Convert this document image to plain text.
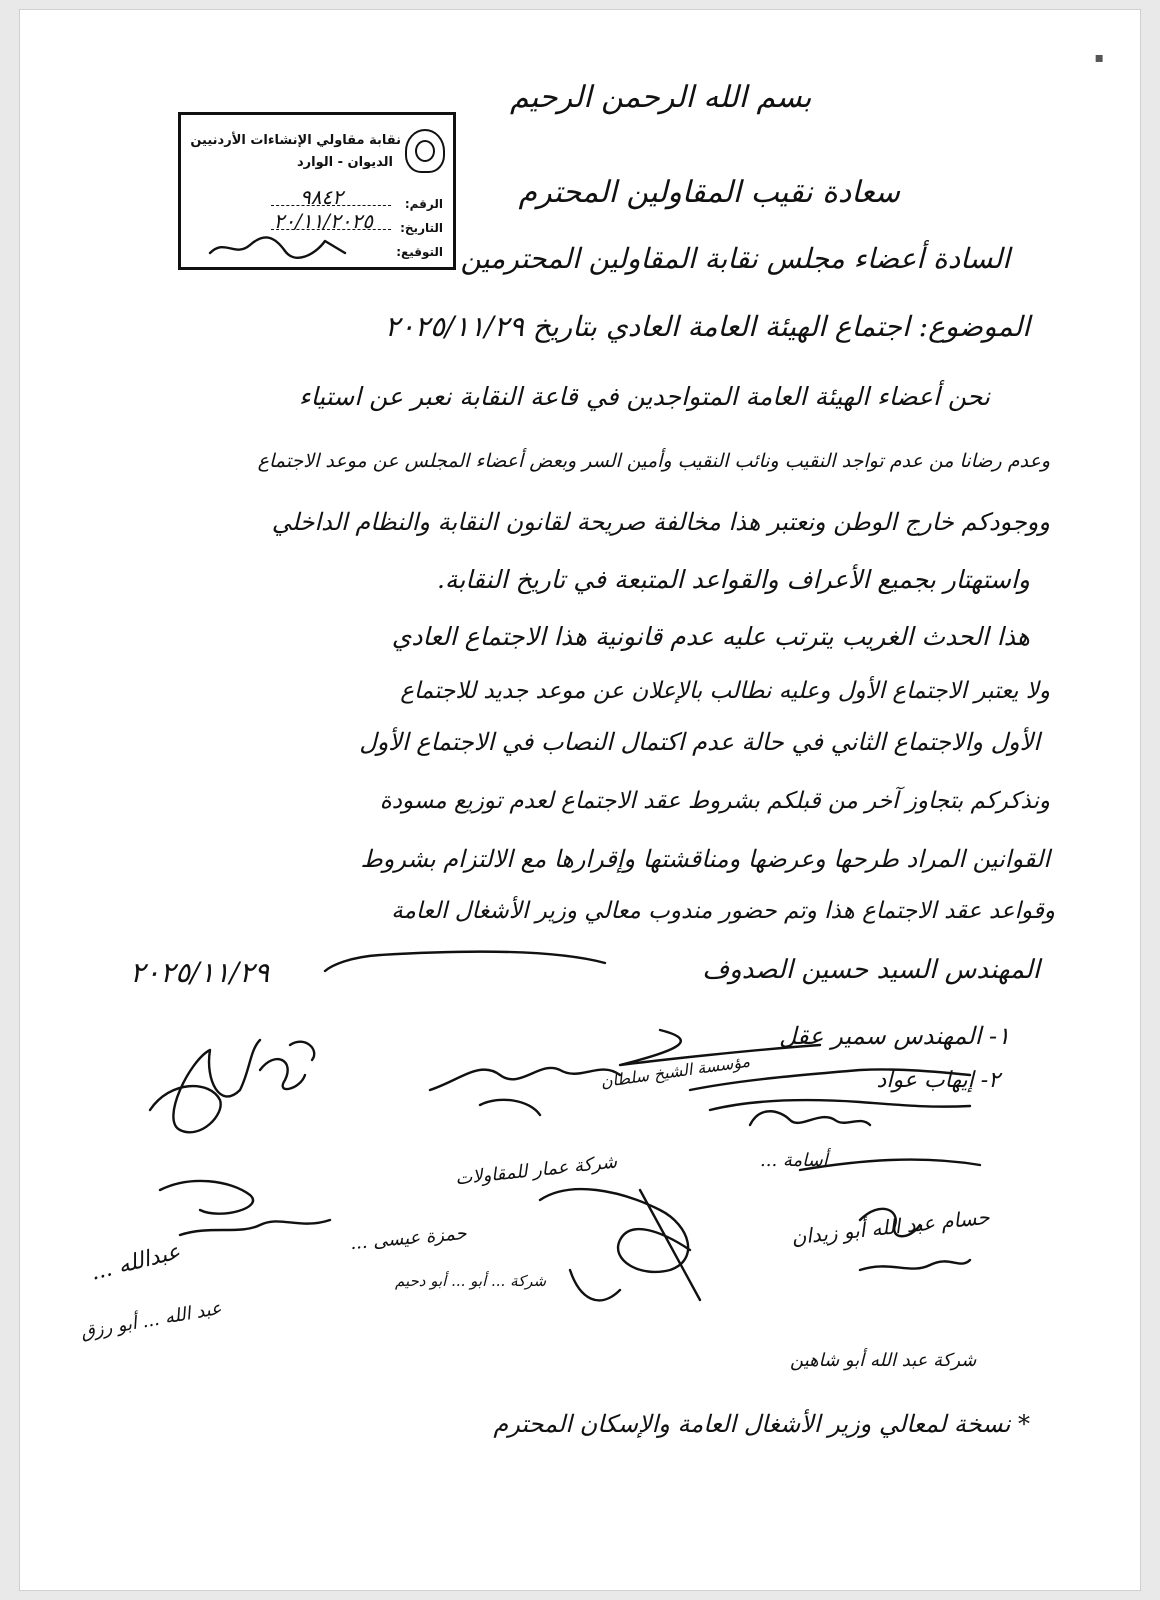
▪
بسم الله الرحمن الرحيم
نقابة مقاولي الإنشاءات الأردنيين
الديوان - الوارد
الرقم:
٩٨٤٢
التاريخ:
٢٠/١١/٢٠٢٥
التوقيع:
سعادة نقيب المقاولين المحترم
السادة أعضاء مجلس نقابة المقاولين المحترمين
الموضوع: اجتماع الهيئة العامة العادي بتاريخ ٢٠٢٥/١١/٢٩
نحن أعضاء الهيئة العامة المتواجدين في قاعة النقابة نعبر عن استياء
وعدم رضانا من عدم تواجد النقيب ونائب النقيب وأمين السر وبعض أعضاء المجلس عن موعد الاجتماع
ووجودكم خارج الوطن ونعتبر هذا مخالفة صريحة لقانون النقابة والنظام الداخلي
واستهتار بجميع الأعراف والقواعد المتبعة في تاريخ النقابة.
هذا الحدث الغريب يترتب عليه عدم قانونية هذا الاجتماع العادي
ولا يعتبر الاجتماع الأول وعليه نطالب بالإعلان عن موعد جديد للاجتماع
الأول والاجتماع الثاني في حالة عدم اكتمال النصاب في الاجتماع الأول
ونذكركم بتجاوز آخر من قبلكم بشروط عقد الاجتماع لعدم توزيع مسودة
القوانين المراد طرحها وعرضها ومناقشتها وإقرارها مع الالتزام بشروط
وقواعد عقد الاجتماع هذا وتم حضور مندوب معالي وزير الأشغال العامة
المهندس السيد حسين الصدوف
٢٠٢٥/١١/٢٩
١- المهندس سمير عقل
٢- إيهاب عواد
مؤسسة الشيخ سلطان
شركة عمار للمقاولات	أسامة ...
حسام عبد الله أبو زيدان
عبدالله ...
حمزة عيسى ...
شركة عبد الله أبو شاهين
عبد الله ... أبو رزق
شركة ... أبو ... أبو دحيم
* نسخة لمعالي وزير الأشغال العامة والإسكان المحترم
